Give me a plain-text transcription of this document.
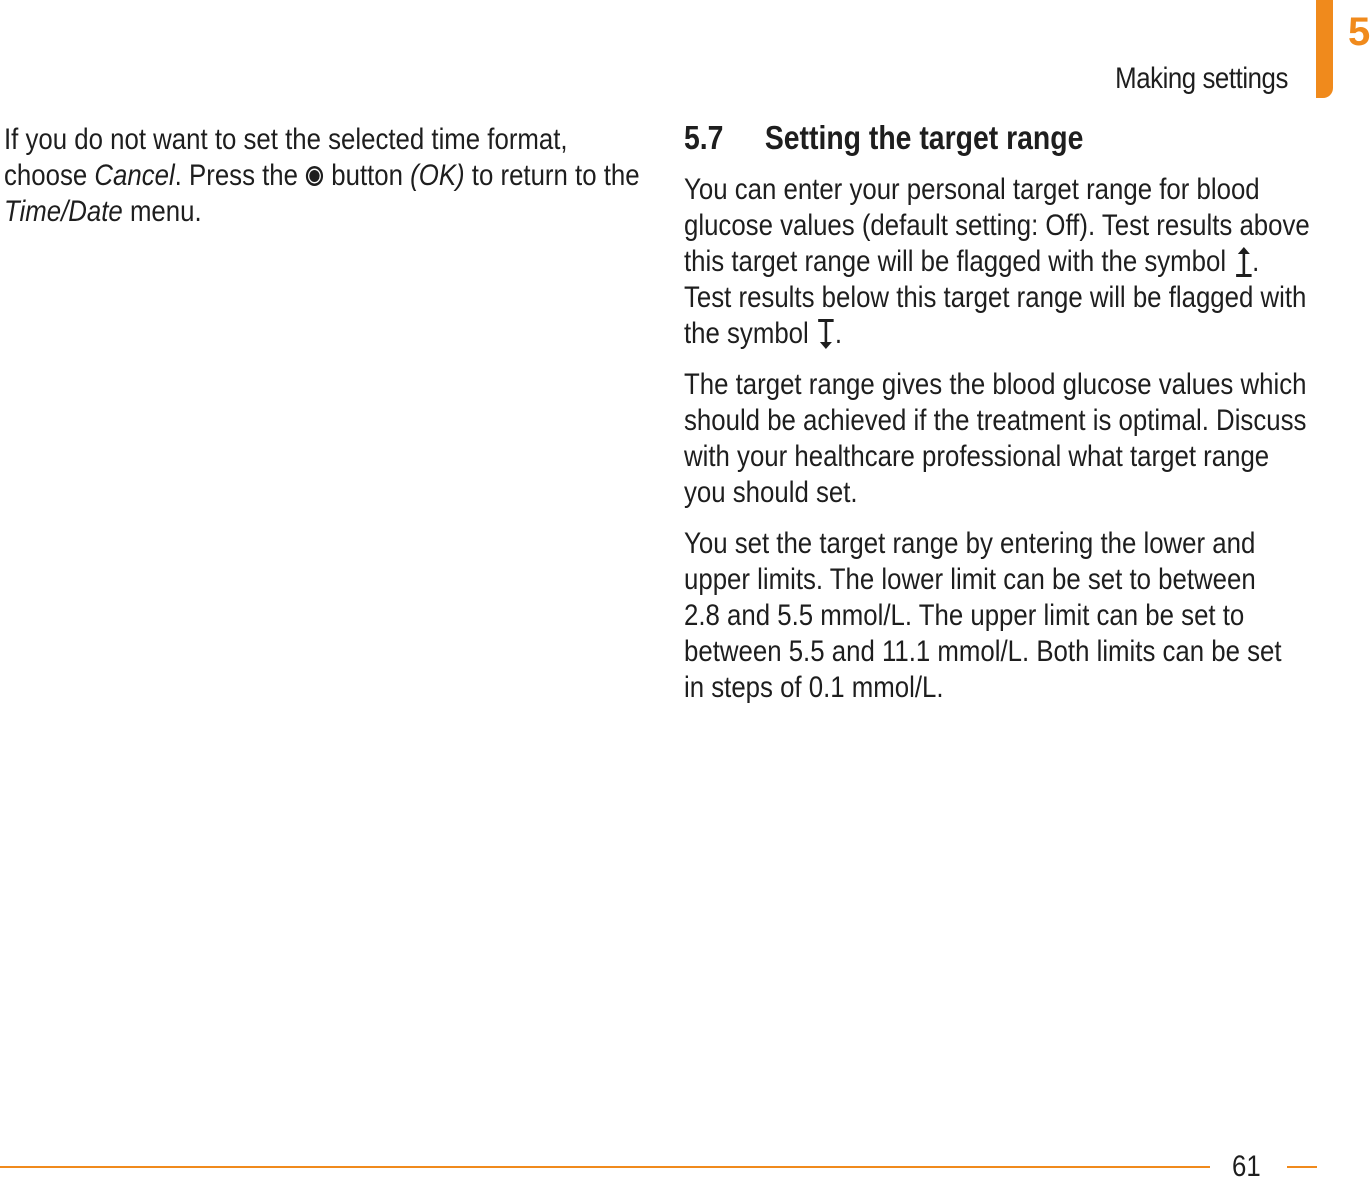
5
Making settings
If you do not want to set the selected time format,
choose Cancel. Press the  button (OK) to return to the
Time/Date menu.
5.7 Setting the target range
You can enter your personal target range for blood
glucose values (default setting: Off). Test results above
this target range will be flagged with the symbol .
Test results below this target range will be flagged with
the symbol .
The target range gives the blood glucose values which
should be achieved if the treatment is optimal. Discuss
with your healthcare professional what target range
you should set.
You set the target range by entering the lower and
upper limits. The lower limit can be set to between
2.8 and 5.5 mmol/L. The upper limit can be set to
between 5.5 and 11.1 mmol/L. Both limits can be set
in steps of 0.1 mmol/L.
61
